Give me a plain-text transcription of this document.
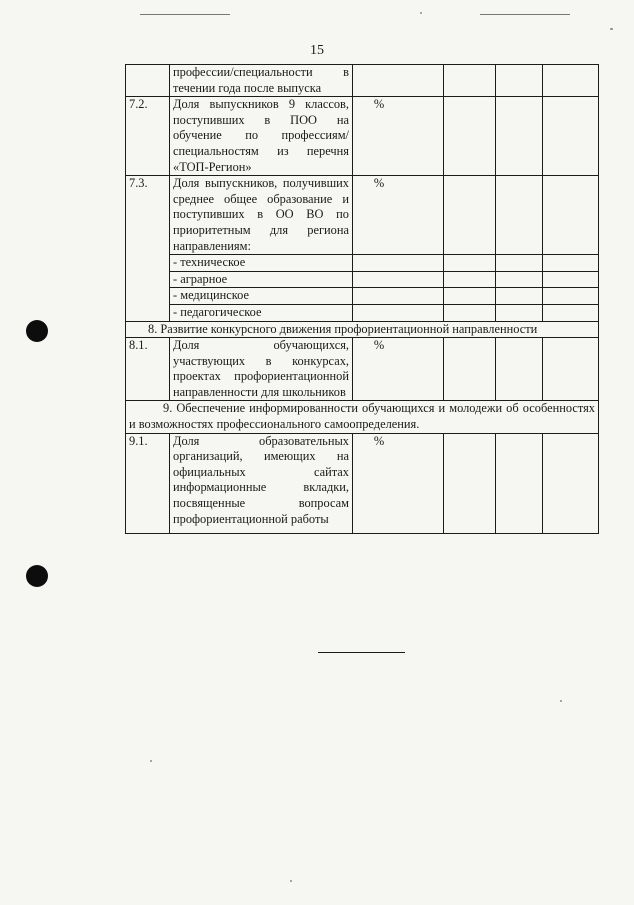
15
	профессии/специальности в течении года после выпуска				
7.2.	Доля выпускников 9 классов, поступивших в ПОО на обучение по профессиям/специальностям из перечня «ТОП-Регион»	%			
7.3.	Доля выпускников, получивших среднее общее образование и поступивших в ОО ВО по приоритетным для региона направлениям:	%			
	- техническое				
	- аграрное				
	- медицинское				
	- педагогическое				
8. Развитие конкурсного движения профориентационной направленности					
8.1.	Доля обучающихся, участвующих в конкурсах, проектах профориентационной направленности для школьников	%			
9. Обеспечение информированности обучающихся и молодежи об особенностях и возможностях профессионального самоопределения.					
9.1.	Доля образовательных организаций, имеющих на официальных сайтах информационные вкладки, посвященные вопросам профориентационной работы	%			
